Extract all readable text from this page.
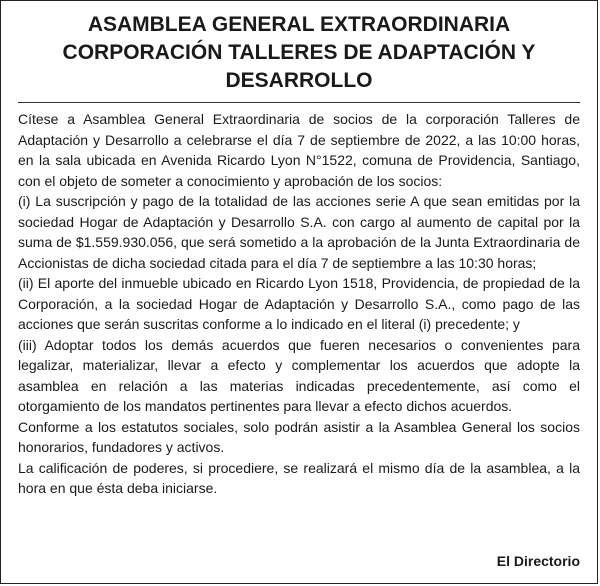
ASAMBLEA GENERAL EXTRAORDINARIA
CORPORACIÓN TALLERES DE ADAPTACIÓN Y
DESARROLLO

Cítese a Asamblea General Extraordinaria de socios de la corporación Talleres de Adaptación y Desarrollo a celebrarse el día 7 de septiembre de 2022, a las 10:00 horas, en la sala ubicada en Avenida Ricardo Lyon N°1522, comuna de Providencia, Santiago, con el objeto de someter a conocimiento y aprobación de los socios:

(i) La suscripción y pago de la totalidad de las acciones serie A que sean emitidas por la sociedad Hogar de Adaptación y Desarrollo S.A. con cargo al aumento de capital por la suma de $1.559.930.056, que será sometido a la aprobación de la Junta Extraordinaria de Accionistas de dicha sociedad citada para el día 7 de septiembre a las 10:30 horas;

(ii) El aporte del inmueble ubicado en Ricardo Lyon 1518, Providencia, de propiedad de la Corporación, a la sociedad Hogar de Adaptación y Desarrollo S.A., como pago de las acciones que serán suscritas conforme a lo indicado en el literal (i) precedente; y

(iii) Adoptar todos los demás acuerdos que fueren necesarios o convenientes para legalizar, materializar, llevar a efecto y complementar los acuerdos que adopte la asamblea en relación a las materias indicadas precedentemente, así como el otorgamiento de los mandatos pertinentes para llevar a efecto dichos acuerdos.

Conforme a los estatutos sociales, solo podrán asistir a la Asamblea General los socios honorarios, fundadores y activos.

La calificación de poderes, si procediere, se realizará el mismo día de la asamblea, a la hora en que ésta deba iniciarse.

El Directorio
